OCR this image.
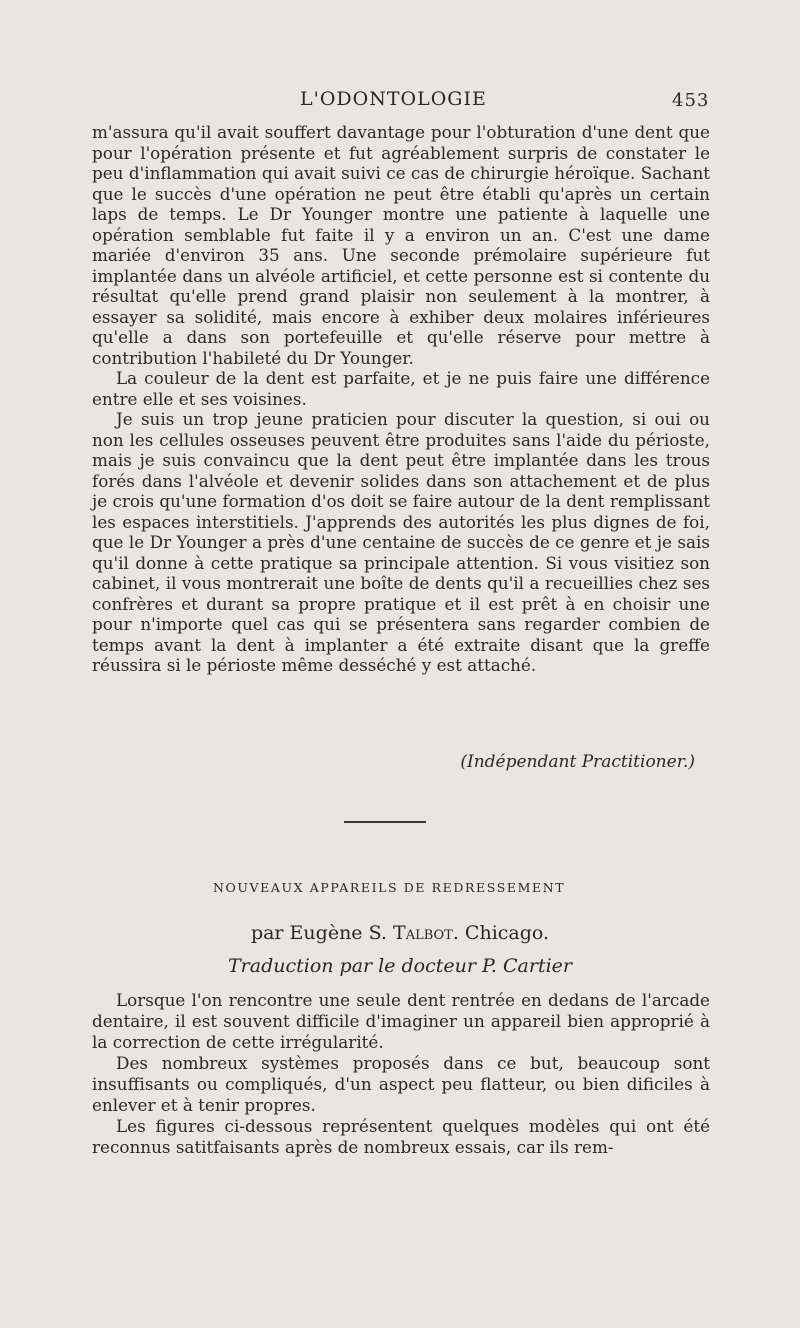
L'ODONTOLOGIE	453

m'assura qu'il avait souffert davantage pour l'obturation d'une dent que pour l'opération présente et fut agréablement surpris de constater le peu d'inflammation qui avait suivi ce cas de chirurgie héroïque. Sachant que le succès d'une opération ne peut être établi qu'après un certain laps de temps. Le Dr Younger montre une patiente à laquelle une opération semblable fut faite il y a environ un an. C'est une dame mariée d'environ 35 ans. Une seconde prémolaire supérieure fut implantée dans un alvéole artificiel, et cette personne est si contente du résultat qu'elle prend grand plaisir non seulement à la montrer, à essayer sa solidité, mais encore à exhiber deux molaires inférieures qu'elle a dans son portefeuille et qu'elle réserve pour mettre à contribution l'habileté du Dr Younger.

La couleur de la dent est parfaite, et je ne puis faire une différence entre elle et ses voisines.

Je suis un trop jeune praticien pour discuter la question, si oui ou non les cellules osseuses peuvent être produites sans l'aide du périoste, mais je suis convaincu que la dent peut être implantée dans les trous forés dans l'alvéole et devenir solides dans son attachement et de plus je crois qu'une formation d'os doit se faire autour de la dent remplissant les espaces interstitiels. J'apprends des autorités les plus dignes de foi, que le Dr Younger a près d'une centaine de succès de ce genre et je sais qu'il donne à cette pratique sa principale attention. Si vous visitiez son cabinet, il vous montrerait une boîte de dents qu'il a recueillies chez ses confrères et durant sa propre pratique et il est prêt à en choisir une pour n'importe quel cas qui se présentera sans regarder combien de temps avant la dent à implanter a été extraite disant que la greffe réussira si le périoste même desséché y est attaché.

(Indépendant Practitioner.)
NOUVEAUX APPAREILS DE REDRESSEMENT
par Eugène S. Talbot. Chicago.
Traduction par le docteur P. Cartier

Lorsque l'on rencontre une seule dent rentrée en dedans de l'arcade dentaire, il est souvent difficile d'imaginer un appareil bien approprié à la correction de cette irrégularité.

Des nombreux systèmes proposés dans ce but, beaucoup sont insuffisants ou compliqués, d'un aspect peu flatteur, ou bien dificiles à enlever et à tenir propres.

Les figures ci-dessous représentent quelques modèles qui ont été reconnus satitfaisants après de nombreux essais, car ils rem-
